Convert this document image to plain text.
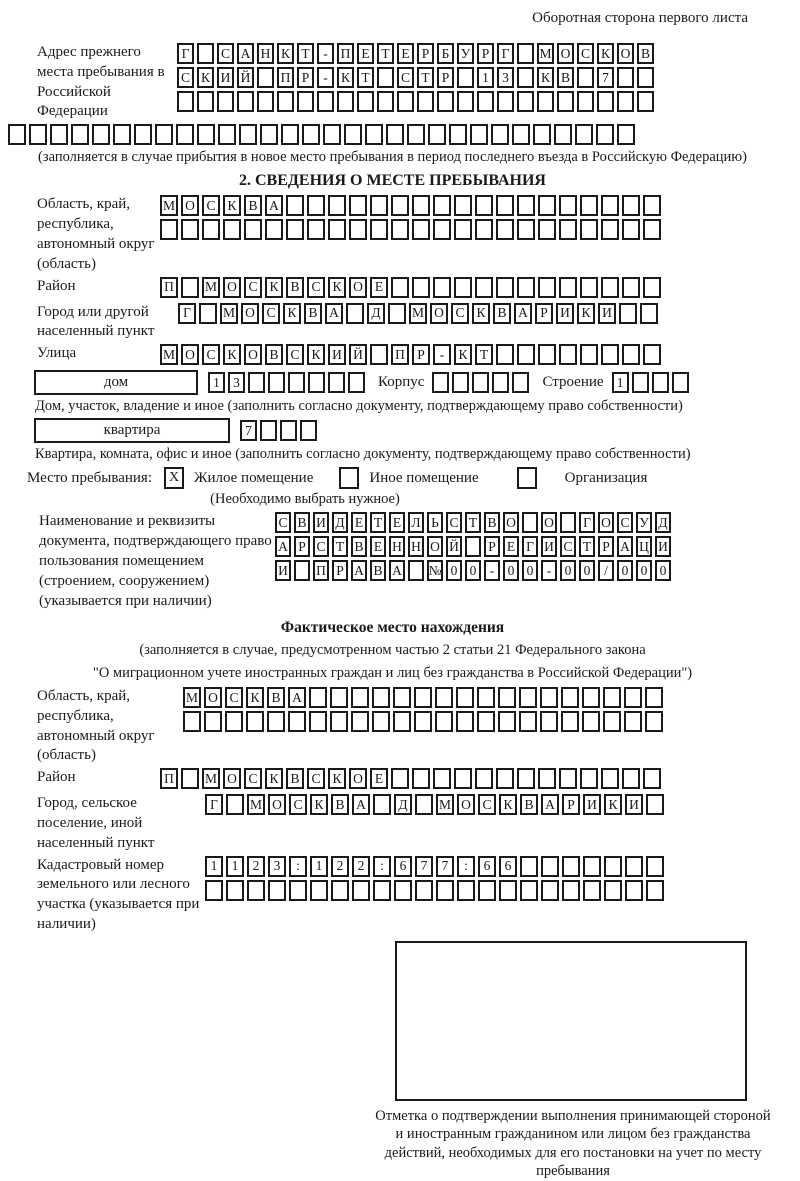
Оборотная сторона первого листа
Адрес прежнего места пребывания в Российской Федерации
Г	С А Н К Т	- П Е Т Е Р Б У Р Г	М О С К О В
С К И Й П Р	- К Т	С Т Р	1 3	К В	7
(заполняется в случае прибытия в новое место пребывания в период последнего въезда в Российскую Федерацию)
2. СВЕДЕНИЯ О МЕСТЕ ПРЕБЫВАНИЯ
Область, край, республика, автономный округ (область)
М О С К В А
Район	П	М О С К В С К О Е
Город или другой населенный пункт
Г	М О С К В А	Д	М О С К В А Р И К И
Улица	М О С К О В С К И Й	П Р	-	К Т
дом	1 3	Корпус	Строение 1
Дом, участок, владение и иное (заполнить согласно документу, подтверждающему право собственности)
квартира	7
Квартира, комната, офис и иное (заполнить согласно документу, подтверждающему право собственности)
Место пребывания:	X Жилое помещение	Иное помещение	Организация
(Необходимо выбрать нужное)
Наименование и реквизиты документа, подтверждающего право пользования помещением (строением, сооружением) (указывается при наличии)
С В И Д Е Т Е Л Ь С Т В О О	Г О С У Д
А Р С Т В Е Н Н О Й	Р Е Г И С Т Р А Ц И
И П Р А В А № 0 0 - 0 0 - 0 0	/	0 0 0
Фактическое место нахождения
(заполняется в случае, предусмотренном частью 2 статьи 21 Федерального закона
"О миграционном учете иностранных граждан и лиц без гражданства в Российской Федерации")
Область, край, республика, автономный округ (область)
М О С К В А
Район	П	М О С К В С К О Е
Город, сельское поселение, иной населенный пункт
Г	М О С К В А	Д	М О С К В А Р И К И
Кадастровый номер земельного или лесного участка (указывается при наличии)
1	1	2	3	:	1	2	2	:	6	7	7	:	6	6
Отметка о подтверждении выполнения принимающей стороной и иностранным гражданином или лицом без гражданства действий, необходимых для его постановки на учет по месту пребывания
